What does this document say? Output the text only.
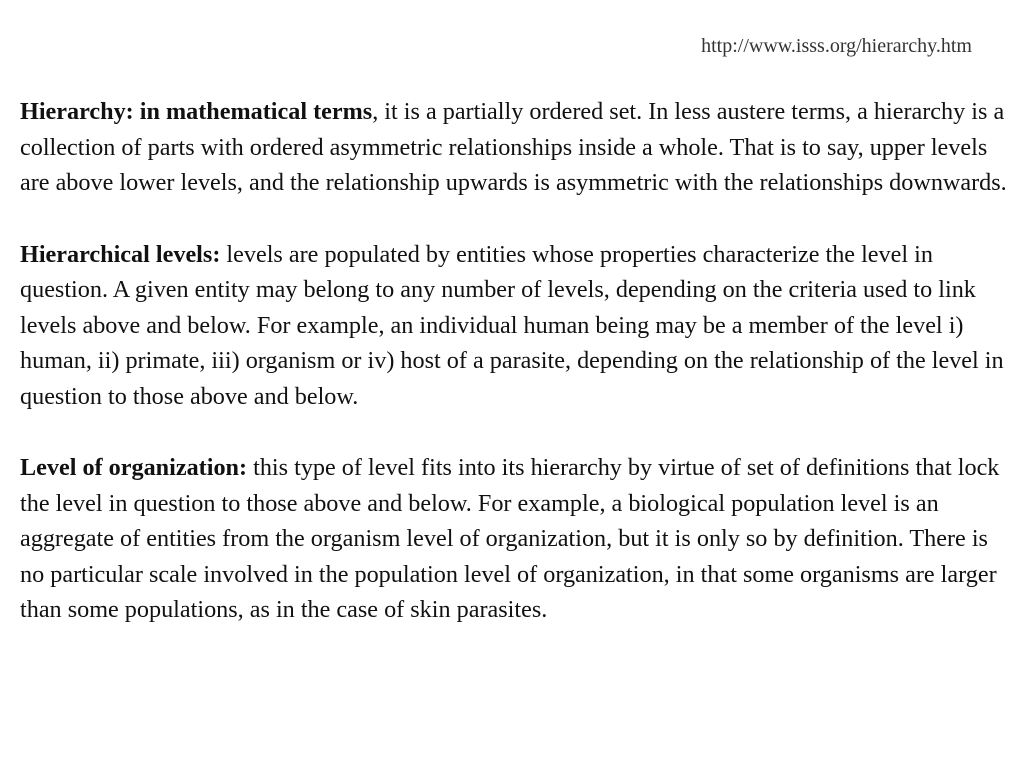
http://www.isss.org/hierarchy.htm

Hierarchy: in mathematical terms, it is a partially ordered set. In less austere terms, a hierarchy is a collection of parts with ordered asymmetric relationships inside a whole. That is to say, upper levels are above lower levels, and the relationship upwards is asymmetric with the relationships downwards.

Hierarchical levels: levels are populated by entities whose properties characterize the level in question. A given entity may belong to any number of levels, depending on the criteria used to link levels above and below. For example, an individual human being may be a member of the level i) human, ii) primate, iii) organism or iv) host of a parasite, depending on the relationship of the level in question to those above and below.

Level of organization: this type of level fits into its hierarchy by virtue of set of definitions that lock the level in question to those above and below. For example, a biological population level is an aggregate of entities from the organism level of organization, but it is only so by definition. There is no particular scale involved in the population level of organization, in that some organisms are larger than some populations, as in the case of skin parasites.
